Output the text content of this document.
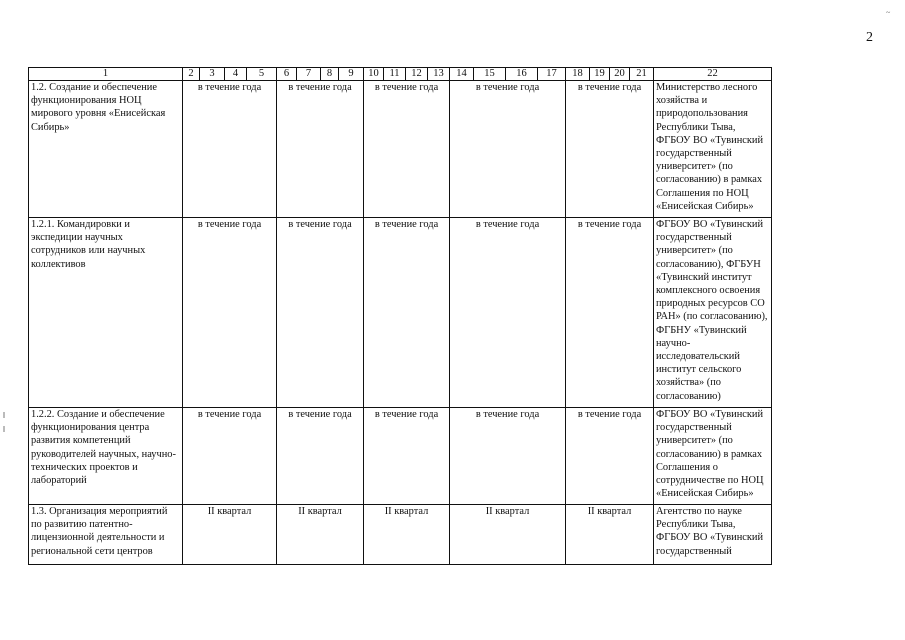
2
~
1	2	3	4	5	6	7	8	9	10	11	12	13	14	15	16	17	18	19	20	21	22
1.2. Создание и обеспечение функционирования НОЦ мирового уровня «Енисейская Сибирь»	в течение года				в течение года				в течение года				в течение года				в течение года				Министерство лесного хозяйства и природопользования Республики Тыва, ФГБОУ ВО «Тувинский государственный университет» (по согласованию) в рамках Соглашения по НОЦ «Енисейская Сибирь»
1.2.1. Командировки и экспедиции научных сотрудников или научных коллективов	в течение года				в течение года				в течение года				в течение года				в течение года				ФГБОУ ВО «Тувинский государственный университет» (по согласованию), ФГБУН «Тувинский институт комплексного освоения природных ресурсов СО РАН» (по согласованию), ФГБНУ «Тувинский научно-исследовательский институт сельского хозяйства» (по согласованию)
1.2.2. Создание и обеспечение функционирования центра развития компетенций руководителей научных, научно-технических проектов и лабораторий	в течение года				в течение года				в течение года				в течение года				в течение года				ФГБОУ ВО «Тувинский государственный университет» (по согласованию) в рамках Соглашения о сотрудничестве по НОЦ «Енисейская Сибирь»
1.3. Организация мероприятий по развитию патентно-лицензионной деятельности и региональной сети центров	II квартал				II квартал				II квартал				II квартал				II квартал				Агентство по науке Республики Тыва, ФГБОУ ВО «Тувинский государственный
